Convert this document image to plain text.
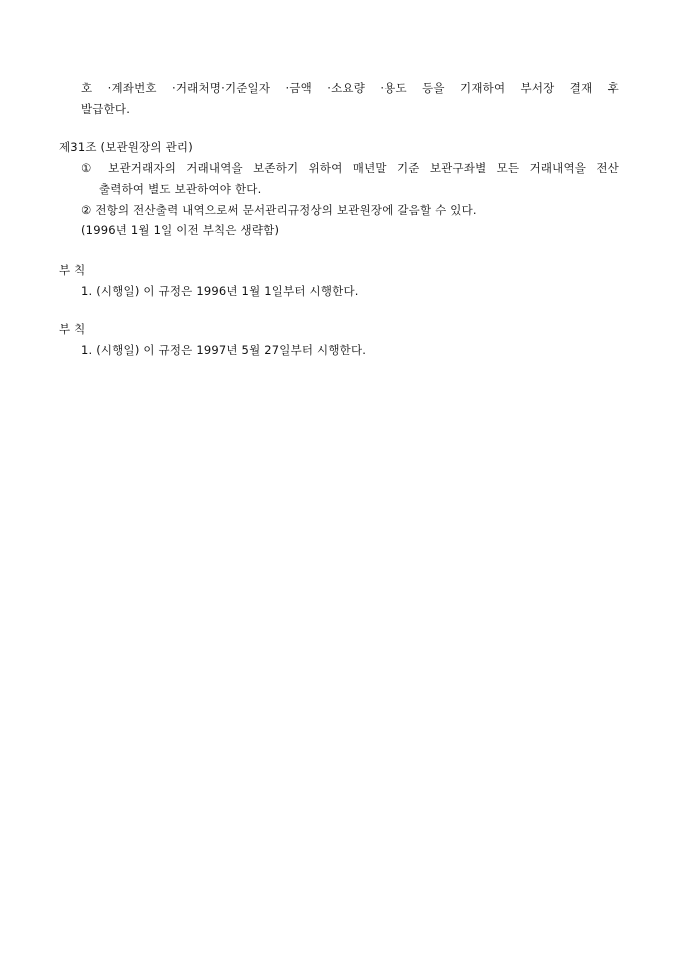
호 ·계좌번호 ·거래처명·기준일자 ·금액 ·소요량 ·용도 등을 기재하여 부서장 결재 후
발급한다.
제31조 (보관원장의 관리)
① 보관거래자의 거래내역을 보존하기 위하여 매년말 기준 보관구좌별 모든 거래내역을 전산
출력하여 별도 보관하여야 한다.
② 전항의 전산출력 내역으로써 문서관리규정상의 보관원장에 갈음할 수 있다.
(1996년 1월 1일 이전 부칙은 생략함)
부 칙
1. (시행일) 이 규정은 1996년 1월 1일부터 시행한다.
부 칙
1. (시행일) 이 규정은 1997년 5월 27일부터 시행한다.
